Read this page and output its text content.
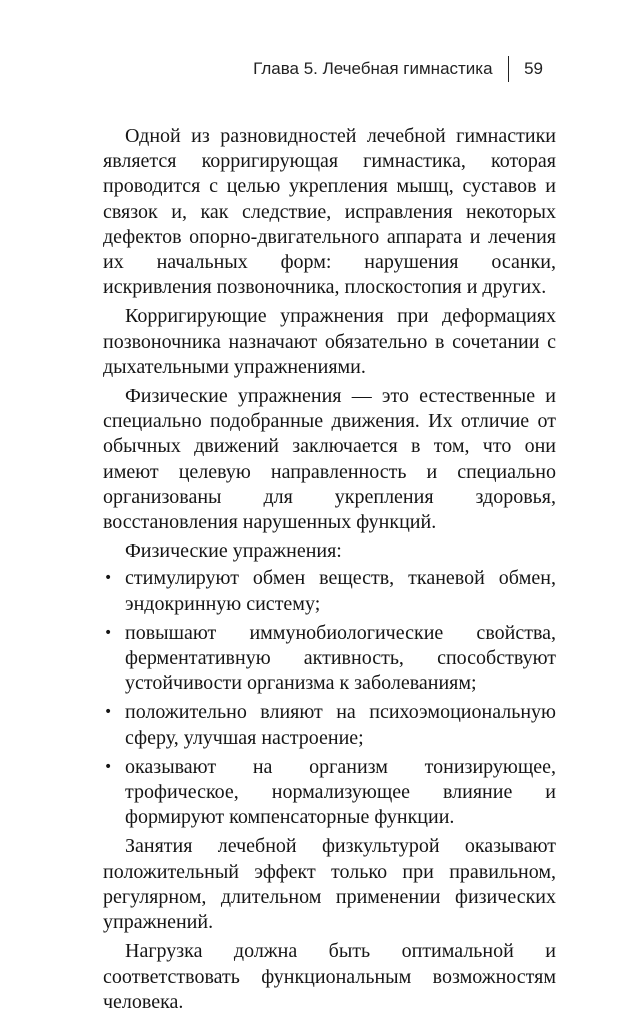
Глава 5. Лечебная гимнастика 59

Одной из разновидностей лечебной гимнастики является корригирующая гимнастика, которая проводится с целью укрепления мышц, суставов и связок и, как следствие, исправления некоторых дефектов опорно-двигательного аппарата и лечения их начальных форм: нарушения осанки, искривления позвоночника, плоскостопия и других.

Корригирующие упражнения при деформациях позвоночника назначают обязательно в сочетании с дыхательными упражнениями.

Физические упражнения — это естественные и специально подобранные движения. Их отличие от обычных движений заключается в том, что они имеют целевую направленность и специально организованы для укрепления здоровья, восстановления нарушенных функций.

Физические упражнения:

• стимулируют обмен веществ, тканевой обмен, эндокринную систему;
• повышают иммунобиологические свойства, ферментативную активность, способствуют устойчивости организма к заболеваниям;
• положительно влияют на психоэмоциональную сферу, улучшая настроение;
• оказывают на организм тонизирующее, трофическое, нормализующее влияние и формируют компенсаторные функции.

Занятия лечебной физкультурой оказывают положительный эффект только при правильном, регулярном, длительном применении физических упражнений.

Нагрузка должна быть оптимальной и соответствовать функциональным возможностям человека.
